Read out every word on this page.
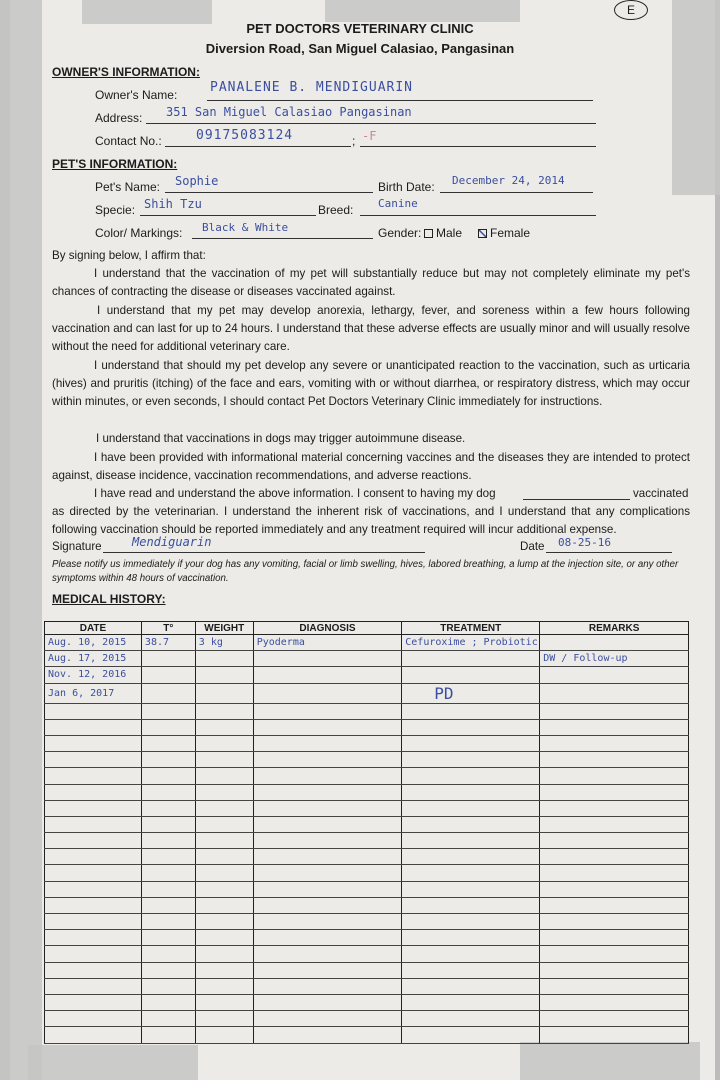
E
PET DOCTORS VETERINARY CLINIC
Diversion Road, San Miguel Calasiao, Pangasinan
OWNER'S INFORMATION:
Owner's Name:	PANALENE B. MENDIGUARIN
Address: 351 San Miguel Calasiao Pangasinan
Contact No.:	09175083124	; -F
PET'S INFORMATION:
Pet's Name: Sophie	Birth Date: December 24, 2014
Specie: Shih Tzu	Breed: Canine
Color/ Markings: Black & White	Gender:	Male	Female
By signing below, I affirm that:
I understand that the vaccination of my pet will substantially reduce but may not completely eliminate my pet's chances of contracting the disease or diseases vaccinated against.
I understand that my pet may develop anorexia, lethargy, fever, and soreness within a few hours following vaccination and can last for up to 24 hours. I understand that these adverse effects are usually minor and will usually resolve without the need for additional veterinary care.
I understand that should my pet develop any severe or unanticipated reaction to the vaccination, such as urticaria (hives) and pruritis (itching) of the face and ears, vomiting with or without diarrhea, or respiratory distress, which may occur within minutes, or even seconds, I should contact Pet Doctors Veterinary Clinic immediately for instructions.
I understand that vaccinations in dogs may trigger autoimmune disease.
I have been provided with informational material concerning vaccines and the diseases they are intended to protect against, disease incidence, vaccination recommendations, and adverse reactions.
I have read and understand the above information. I consent to having my dog	vaccinated
as directed by the veterinarian. I understand the inherent risk of vaccinations, and I understand that any complications following vaccination should be reported immediately and any treatment required will incur additional expense.
Signature	Mendiguarin	Date 08-25-16
Please notify us immediately if your dog has any vomiting, facial or limb swelling, hives, labored breathing, a lump at the injection site, or any other symptoms within 48 hours of vaccination.
MEDICAL HISTORY:
DATE	T°	WEIGHT	DIAGNOSIS	TREATMENT	REMARKS
Aug. 10, 2015	38.7	3 kg	Pyoderma	Cefuroxime ; Probiotic	
Aug. 17, 2015					DW / Follow-up
Nov. 12, 2016					
Jan 6, 2017				PD	
